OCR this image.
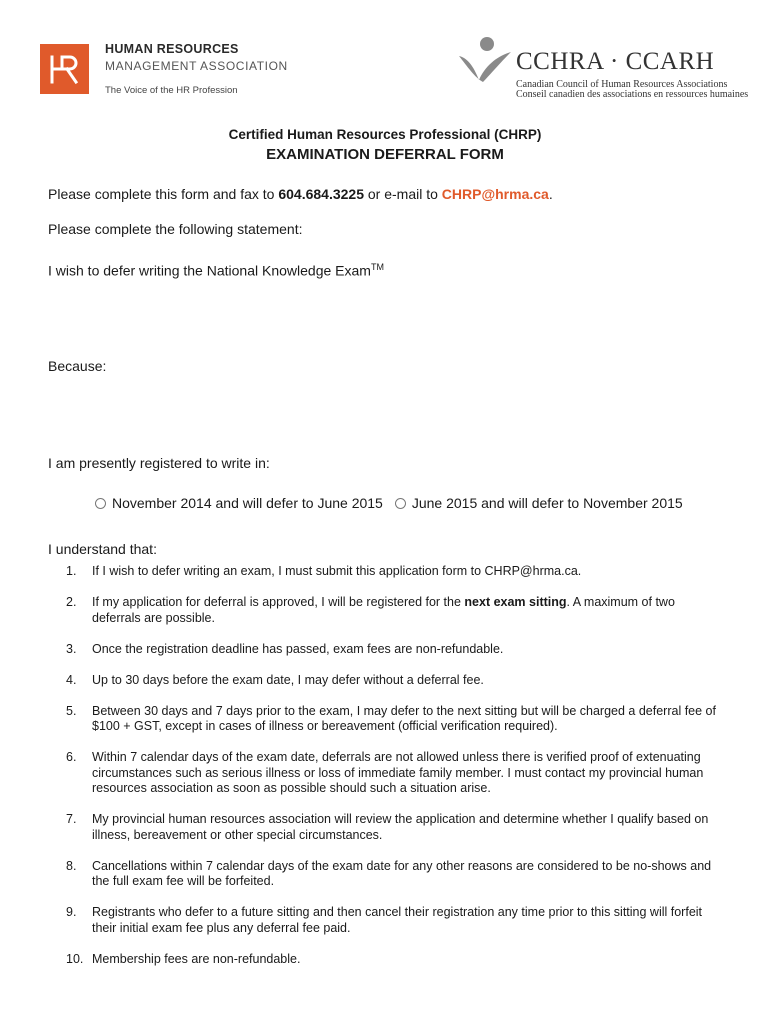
HUMAN RESOURCES
MANAGEMENT ASSOCIATION
The Voice of the HR Profession
CCHRA · CCARH
Canadian Council of Human Resources Associations
Conseil canadien des associations en ressources humaines
Certified Human Resources Professional (CHRP)
EXAMINATION DEFERRAL FORM
Please complete this form and fax to 604.684.3225 or e-mail to CHRP@hrma.ca.
Please complete the following statement:
I wish to defer writing the National Knowledge Exam™
Because:
I am presently registered to write in:
November 2014 and will defer to June 2015 June 2015 and will defer to November 2015
I understand that:
1.	If I wish to defer writing an exam, I must submit this application form to CHRP@hrma.ca.
2.	If my application for deferral is approved, I will be registered for the next exam sitting. A maximum of two deferrals are possible.
3.	Once the registration deadline has passed, exam fees are non-refundable.
4.	Up to 30 days before the exam date, I may defer without a deferral fee.
5.	Between 30 days and 7 days prior to the exam, I may defer to the next sitting but will be charged a deferral fee of $100 + GST, except in cases of illness or bereavement (official verification required).
6.	Within 7 calendar days of the exam date, deferrals are not allowed unless there is verified proof of extenuating circumstances such as serious illness or loss of immediate family member. I must contact my provincial human resources association as soon as possible should such a situation arise.
7.	My provincial human resources association will review the application and determine whether I qualify based on illness, bereavement or other special circumstances.
8.	Cancellations within 7 calendar days of the exam date for any other reasons are considered to be no-shows and the full exam fee will be forfeited.
9.	Registrants who defer to a future sitting and then cancel their registration any time prior to this sitting will forfeit their initial exam fee plus any deferral fee paid.
10. Membership fees are non-refundable.
